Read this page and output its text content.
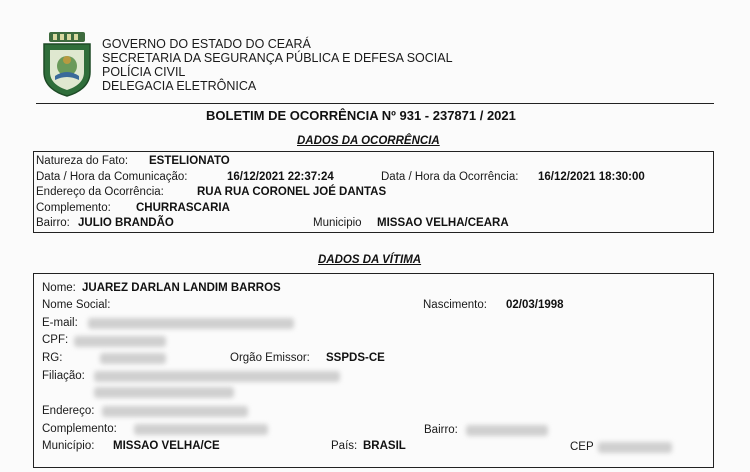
GOVERNO DO ESTADO DO CEARÁ
SECRETARIA DA SEGURANÇA PÚBLICA E DEFESA SOCIAL
POLÍCIA CIVIL
DELEGACIA ELETRÔNICA
BOLETIM DE OCORRÊNCIA Nº 931 - 237871 / 2021
DADOS DA OCORRÊNCIA
Natureza do Fato: ESTELIONATO
Data / Hora da Comunicação:	16/12/2021 22:37:24	Data / Hora da Ocorrência: 16/12/2021 18:30:00
Endereço da Ocorrência:	RUA RUA CORONEL JOÉ DANTAS
Complemento: CHURRASCARIA
Bairro: JULIO BRANDÃO	Municipio MISSAO VELHA/CEARA
DADOS DA VÍTIMA
Nome: JUAREZ DARLAN LANDIM BARROS
Nome Social:	Nascimento: 02/03/1998
E-mail:
CPF:
RG:	Orgão Emissor: SSPDS-CE
Filiação:
Endereço:
Complemento:	Bairro:
Município: MISSAO VELHA/CE	País: BRASIL	CEP
